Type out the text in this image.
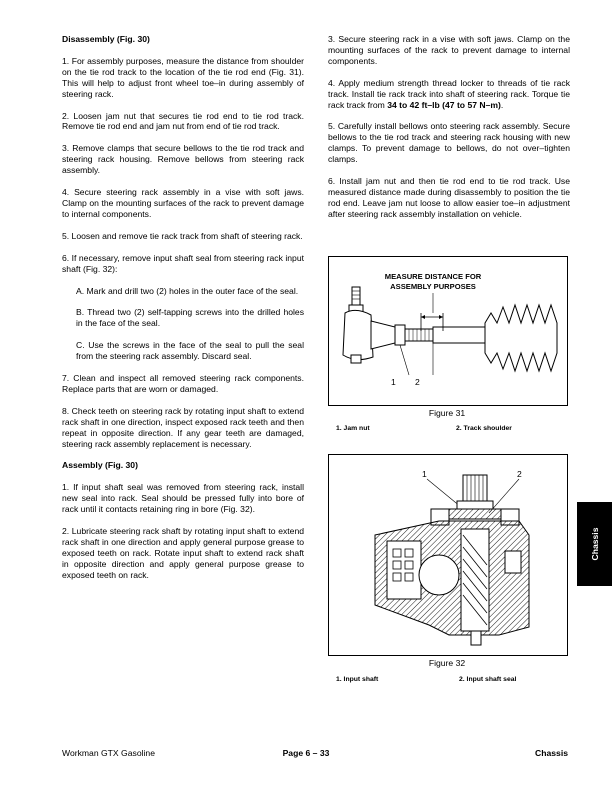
Disassembly (Fig. 30)

1. For assembly purposes, measure the distance from shoulder on the tie rod track to the location of the tie rod end (Fig. 31). This will help to adjust front wheel toe–in during assembly of steering rack.

2. Loosen jam nut that secures tie rod end to tie rod track. Remove tie rod end and jam nut from end of tie rod track.

3. Remove clamps that secure bellows to the tie rod track and steering rack housing. Remove bellows from steering rack assembly.

4. Secure steering rack assembly in a vise with soft jaws. Clamp on the mounting surfaces of the rack to prevent damage to internal components.

5. Loosen and remove tie rack track from shaft of steering rack.

6. If necessary, remove input shaft seal from steering rack input shaft (Fig. 32):

A. Mark and drill two (2) holes in the outer face of the seal.

B. Thread two (2) self-tapping screws into the drilled holes in the face of the seal.

C. Use the screws in the face of the seal to pull the seal from the steering rack assembly. Discard seal.

7. Clean and inspect all removed steering rack components. Replace parts that are worn or damaged.

8. Check teeth on steering rack by rotating input shaft to extend rack shaft in one direction, inspect exposed rack teeth and then repeat in opposite direction. If any gear teeth are damaged, steering rack assembly replacement is necessary.

Assembly (Fig. 30)

1. If input shaft seal was removed from steering rack, install new seal into rack. Seal should be pressed fully into bore of rack until it contacts retaining ring in bore (Fig. 32).

2. Lubricate steering rack shaft by rotating input shaft to extend rack shaft in one direction and apply general purpose grease to exposed teeth on rack. Rotate input shaft to extend rack shaft in opposite direction and apply general purpose grease to exposed teeth on rack.

3. Secure steering rack in a vise with soft jaws. Clamp on the mounting surfaces of the rack to prevent damage to internal components.

4. Apply medium strength thread locker to threads of tie rack track. Install tie rack track into shaft of steering rack. Torque tie rack track from 34 to 42 ft–lb (47 to 57 N–m).

5. Carefully install bellows onto steering rack assembly. Secure bellows to the tie rod track and steering rack housing with new clamps. To prevent damage to bellows, do not over–tighten clamps.

6. Install jam nut and then tie rod end to tie rod track. Use measured distance made during disassembly to position the tie rod end. Leave jam nut loose to allow easier toe–in adjustment after steering rack assembly installation on vehicle.

MEASURE DISTANCE FOR
ASSEMBLY PURPOSES
1 2
Figure 31
1. Jam nut	2. Track shoulder
1	2
Figure 32
1. Input shaft	2. Input shaft seal
Chassis
Workman GTX Gasoline	Page 6 – 33	Chassis
